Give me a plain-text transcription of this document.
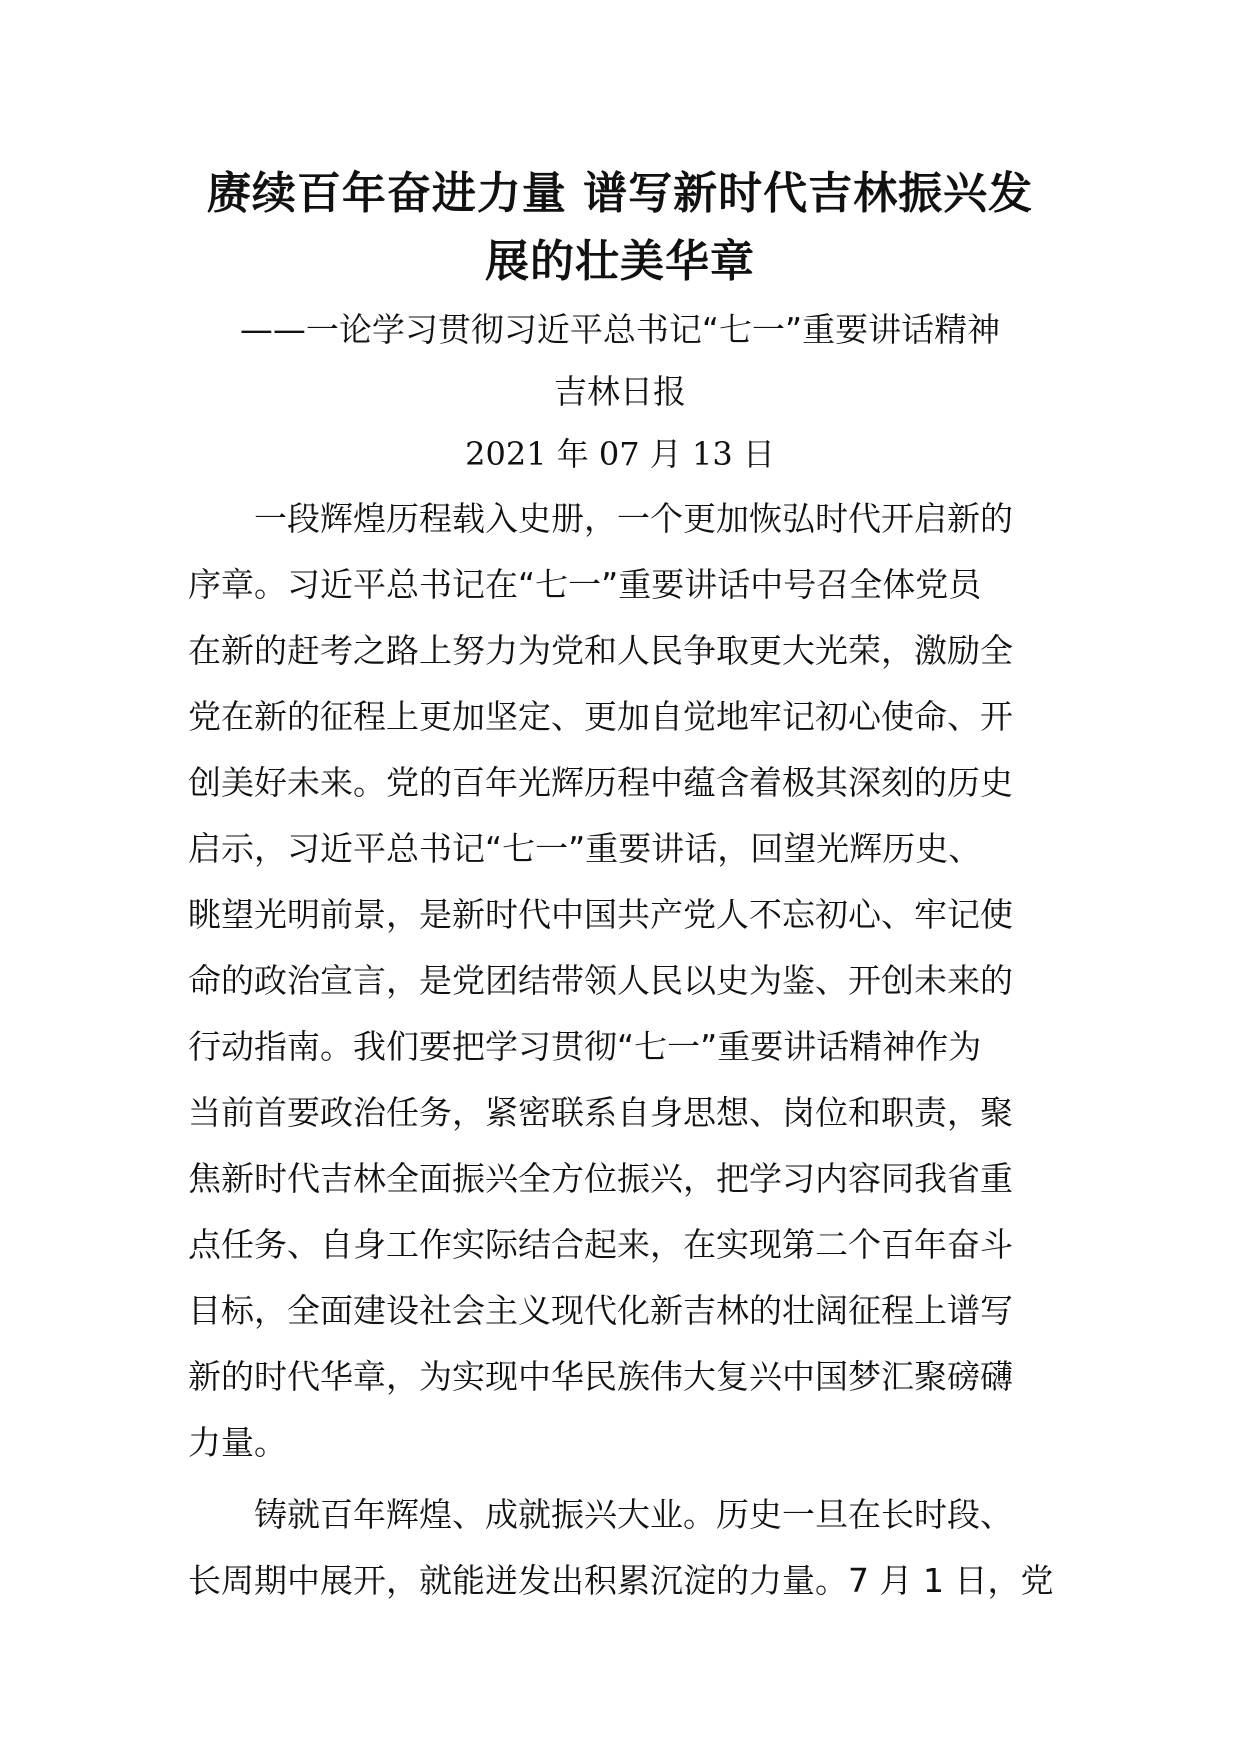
赓续百年奋进力量 谱写新时代吉林振兴发
展的壮美华章

——一论学习贯彻习近平总书记“七一”重要讲话精神

吉林日报

2021 年 07 月 13 日

一段辉煌历程载入史册，一个更加恢弘时代开启新的

序章。习近平总书记在“七一”重要讲话中号召全体党员

在新的赶考之路上努力为党和人民争取更大光荣，激励全

党在新的征程上更加坚定、更加自觉地牢记初心使命、开

创美好未来。党的百年光辉历程中蕴含着极其深刻的历史

启示，习近平总书记“七一”重要讲话，回望光辉历史、

眺望光明前景，是新时代中国共产党人不忘初心、牢记使

命的政治宣言，是党团结带领人民以史为鉴、开创未来的

行动指南。我们要把学习贯彻“七一”重要讲话精神作为

当前首要政治任务，紧密联系自身思想、岗位和职责，聚

焦新时代吉林全面振兴全方位振兴，把学习内容同我省重

点任务、自身工作实际结合起来，在实现第二个百年奋斗

目标，全面建设社会主义现代化新吉林的壮阔征程上谱写

新的时代华章，为实现中华民族伟大复兴中国梦汇聚磅礴

力量。

铸就百年辉煌、成就振兴大业。历史一旦在长时段、

长周期中展开，就能迸发出积累沉淀的力量。7 月 1 日，党
